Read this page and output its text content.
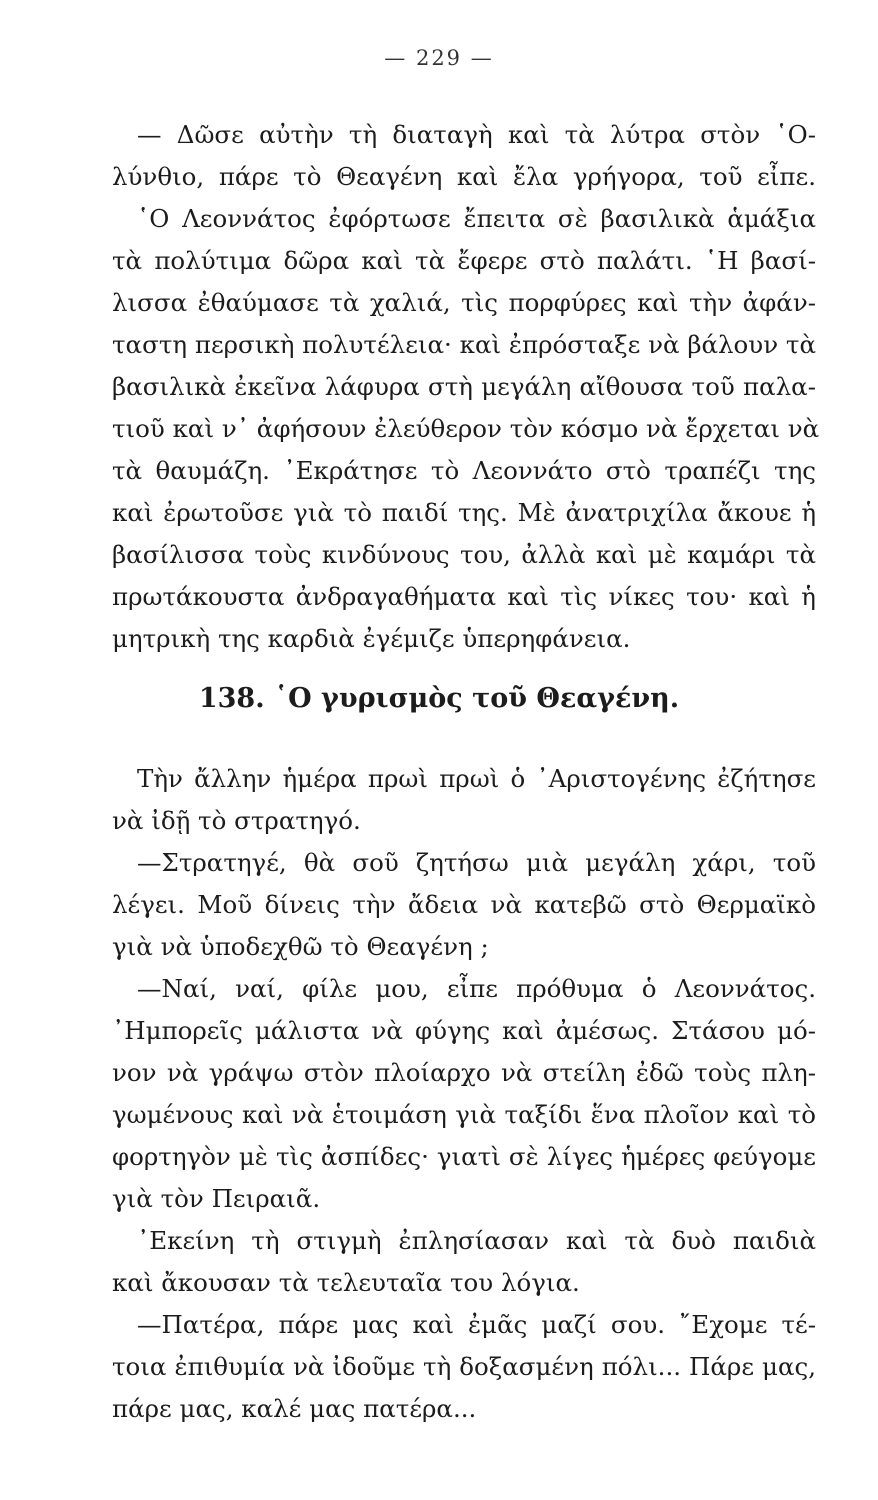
— 229 —
— Δῶσε αὐτὴν τὴ διαταγὴ καὶ τὰ λύτρα στὸν ῾Ο-
λύνθιο, πάρε τὸ Θεαγένη καὶ ἔλα γρήγορα, τοῦ εἶπε.
῾Ο Λεοννάτος ἐφόρτωσε ἔπειτα σὲ βασιλικὰ ἁμάξια
τὰ πολύτιμα δῶρα καὶ τὰ ἔφερε στὸ παλάτι. ῾Η βασί-
λισσα ἐθαύμασε τὰ χαλιά, τὶς πορφύρες καὶ τὴν ἀφάν-
ταστη περσικὴ πολυτέλεια· καὶ ἐπρόσταξε νὰ βάλουν τὰ
βασιλικὰ ἐκεῖνα λάφυρα στὴ μεγάλη αἴθουσα τοῦ παλα-
τιοῦ καὶ ν᾽ ἀφήσουν ἐλεύθερον τὸν κόσμο νὰ ἔρχεται νὰ
τὰ θαυμάζη. ᾽Εκράτησε τὸ Λεοννάτο στὸ τραπέζι της
καὶ ἐρωτοῦσε γιὰ τὸ παιδί της. Μὲ ἀνατριχίλα ἄκουε ἡ
βασίλισσα τοὺς κινδύνους του, ἀλλὰ καὶ μὲ καμάρι τὰ
πρωτάκουστα ἀνδραγαθήματα καὶ τὶς νίκες του· καὶ ἡ
μητρικὴ της καρδιὰ ἐγέμιζε ὑπερηφάνεια.
138. ῾Ο γυρισμὸς τοῦ Θεαγένη.
Τὴν ἄλλην ἡμέρα πρωὶ πρωὶ ὁ ᾽Αριστογένης ἐζήτησε
νὰ ἰδῇ τὸ στρατηγό.
—Στρατηγέ, θὰ σοῦ ζητήσω μιὰ μεγάλη χάρι, τοῦ
λέγει. Μοῦ δίνεις τὴν ἄδεια νὰ κατεβῶ στὸ Θερμαϊκὸ
γιὰ νὰ ὑποδεχθῶ τὸ Θεαγένη ;
—Ναί, ναί, φίλε μου, εἶπε πρόθυμα ὁ Λεοννάτος.
᾽Ημπορεῖς μάλιστα νὰ φύγης καὶ ἀμέσως. Στάσου μό-
νον νὰ γράψω στὸν πλοίαρχο νὰ στείλη ἐδῶ τοὺς πλη-
γωμένους καὶ νὰ ἑτοιμάση γιὰ ταξίδι ἕνα πλοῖον καὶ τὸ
φορτηγὸν μὲ τὶς ἀσπίδες· γιατὶ σὲ λίγες ἡμέρες φεύγομε
γιὰ τὸν Πειραιᾶ.
᾽Εκείνη τὴ στιγμὴ ἐπλησίασαν καὶ τὰ δυὸ παιδιὰ
καὶ ἄκουσαν τὰ τελευταῖα του λόγια.
—Πατέρα, πάρε μας καὶ ἐμᾶς μαζί σου. ῎Εχομε τέ-
τοια ἐπιθυμία νὰ ἰδοῦμε τὴ δοξασμένη πόλι... Πάρε μας,
πάρε μας, καλέ μας πατέρα...
